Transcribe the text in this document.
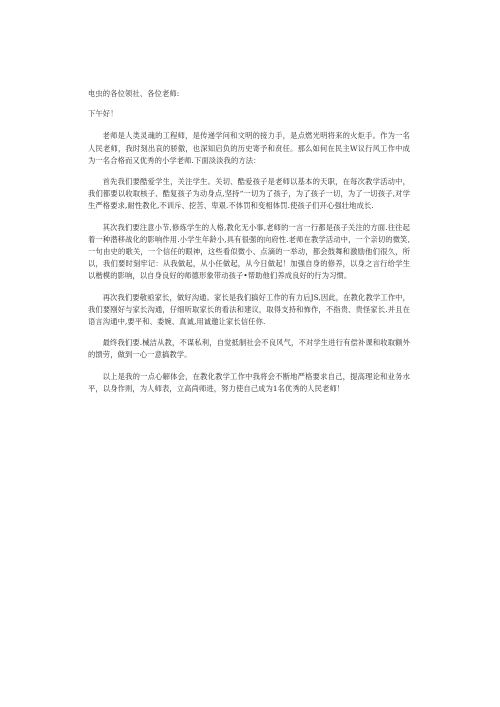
电虫的各位领社、各位老师:

下午好！

老师是人类灵魂的工程师，是传递学问和文明的接力手，是点燃光明将来的火炬手。作为一名人民老师，我时刻出哀的骄傲，也深知启负的历史寄予和贲任。那么如何在民主W议行风工作中成为一名合格而又优秀的小学老师.下面淡淡我的方法：

首先我们要酷爱学生，关注学生。关切、酷爱孩子是老师以基本的天职，在每次教学活动中，我们都要以收取核子、酷复孩子为动身点,坚持“一切为了孩子，为了孩子一切，为了一切孩子,对学生严格要求,耐性教化,不训斥、挖苦、卑艰.不体罚和变相体罚.使孩子们开心强壮地成长.

其次我们要注意小节,修炼学生的人格,教化无小事,老师的一言一行都是孩子关注的方面.往往起着一种潜移战化的影响作用.小学生年龄小,具有很强的向府性.老师在教学活动中，一个亲切的微笑,一句由史的歌关，一个信任的眼神，这些看似微小、点滴的一举动，都会鼓舞和激励他们很久，所以，我们要时刻牢记：从我做起，从小任做起，从今日做起！加强自身的修养，以身之言行给学生以楷模的影响，以自身良好的师德形象带动孩子•帮助他们养成良好的行为习惯。

再次我们要敬亟家长，做好沟通。家长是我们搞好工作的有力后JS,因此，在教化教学工作中，我们要刚好与家长沟通，仔细听取家长的看法和建议，取得支持和怖作，不指贵、贵怪家长.并且在语言沟通中,要平和、委婉、真诚,用诚邀让家长信任你.

最终我们要.械洁从教，不谋私利，自觉抵制社会不良风气，不对学生进行有偿补课和收取额外的馈劳，做到一心一意搞教学。

以上是我的一点心解体会，在教化教学工作中我将会不断地严格要求自己，提高理论和业务水平，以身作则，为人师表，立高尚师进，努力使自己成为1名优秀的人民老师！
